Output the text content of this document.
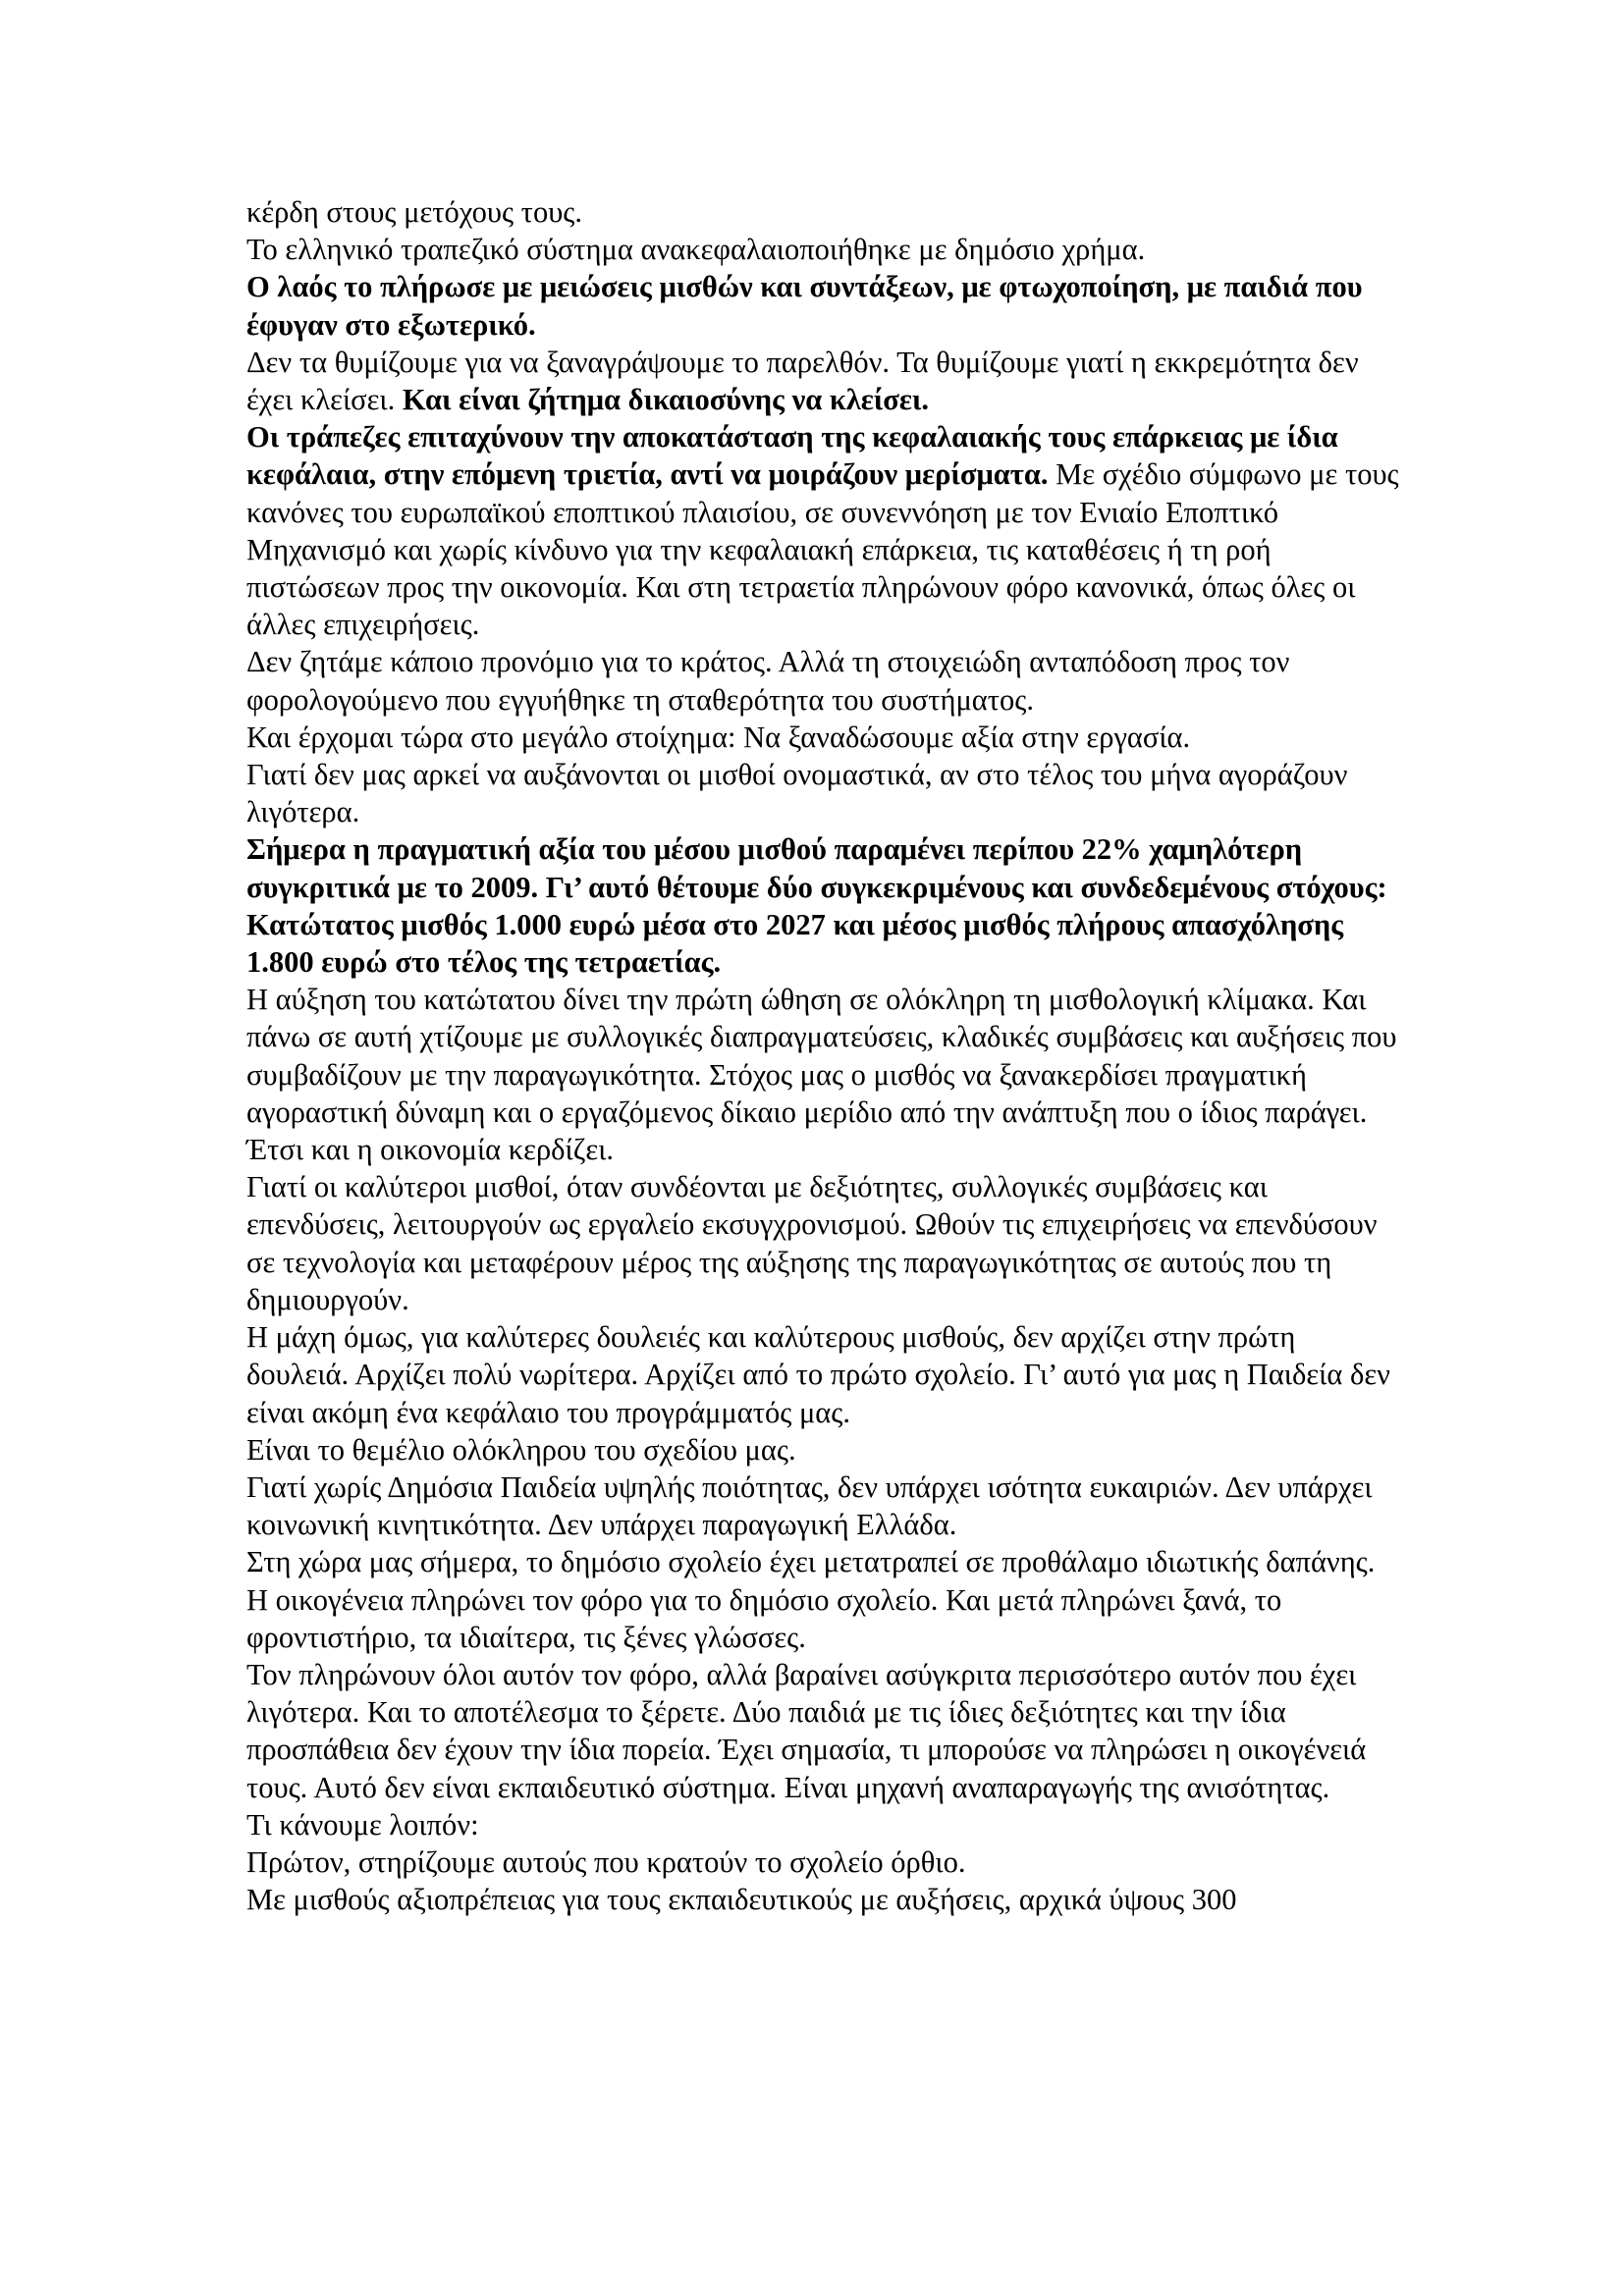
κέρδη στους μετόχους τους.

Το ελληνικό τραπεζικό σύστημα ανακεφαλαιοποιήθηκε με δημόσιο χρήμα.

Ο λαός το πλήρωσε με μειώσεις μισθών και συντάξεων, με φτωχοποίηση, με παιδιά που έφυγαν στο εξωτερικό.

Δεν τα θυμίζουμε για να ξαναγράψουμε το παρελθόν. Τα θυμίζουμε γιατί η εκκρεμότητα δεν έχει κλείσει. Και είναι ζήτημα δικαιοσύνης να κλείσει.

Οι τράπεζες επιταχύνουν την αποκατάσταση της κεφαλαιακής τους επάρκειας με ίδια κεφάλαια, στην επόμενη τριετία, αντί να μοιράζουν μερίσματα. Με σχέδιο σύμφωνο με τους κανόνες του ευρωπαϊκού εποπτικού πλαισίου, σε συνεννόηση με τον Ενιαίο Εποπτικό Μηχανισμό και χωρίς κίνδυνο για την κεφαλαιακή επάρκεια, τις καταθέσεις ή τη ροή πιστώσεων προς την οικονομία. Και στη τετραετία πληρώνουν φόρο κανονικά, όπως όλες οι άλλες επιχειρήσεις.

Δεν ζητάμε κάποιο προνόμιο για το κράτος. Αλλά τη στοιχειώδη ανταπόδοση προς τον φορολογούμενο που εγγυήθηκε τη σταθερότητα του συστήματος.

Και έρχομαι τώρα στο μεγάλο στοίχημα: Να ξαναδώσουμε αξία στην εργασία.

Γιατί δεν μας αρκεί να αυξάνονται οι μισθοί ονομαστικά, αν στο τέλος του μήνα αγοράζουν λιγότερα.

Σήμερα η πραγματική αξία του μέσου μισθού παραμένει περίπου 22% χαμηλότερη συγκριτικά με το 2009. Γι’ αυτό θέτουμε δύο συγκεκριμένους και συνδεδεμένους στόχους:

Κατώτατος μισθός 1.000 ευρώ μέσα στο 2027 και μέσος μισθός πλήρους απασχόλησης 1.800 ευρώ στο τέλος της τετραετίας.

Η αύξηση του κατώτατου δίνει την πρώτη ώθηση σε ολόκληρη τη μισθολογική κλίμακα. Και πάνω σε αυτή χτίζουμε με συλλογικές διαπραγματεύσεις, κλαδικές συμβάσεις και αυξήσεις που συμβαδίζουν με την παραγωγικότητα. Στόχος μας ο μισθός να ξανακερδίσει πραγματική αγοραστική δύναμη και ο εργαζόμενος δίκαιο μερίδιο από την ανάπτυξη που ο ίδιος παράγει.

Έτσι και η οικονομία κερδίζει.

Γιατί οι καλύτεροι μισθοί, όταν συνδέονται με δεξιότητες, συλλογικές συμβάσεις και επενδύσεις, λειτουργούν ως εργαλείο εκσυγχρονισμού. Ωθούν τις επιχειρήσεις να επενδύσουν σε τεχνολογία και μεταφέρουν μέρος της αύξησης της παραγωγικότητας σε αυτούς που τη δημιουργούν.

Η μάχη όμως, για καλύτερες δουλειές και καλύτερους μισθούς, δεν αρχίζει στην πρώτη δουλειά. Αρχίζει πολύ νωρίτερα. Αρχίζει από το πρώτο σχολείο. Γι’ αυτό για μας η Παιδεία δεν είναι ακόμη ένα κεφάλαιο του προγράμματός μας.

Είναι το θεμέλιο ολόκληρου του σχεδίου μας.

Γιατί χωρίς Δημόσια Παιδεία υψηλής ποιότητας, δεν υπάρχει ισότητα ευκαιριών. Δεν υπάρχει κοινωνική κινητικότητα. Δεν υπάρχει παραγωγική Ελλάδα.

Στη χώρα μας σήμερα, το δημόσιο σχολείο έχει μετατραπεί σε προθάλαμο ιδιωτικής δαπάνης.

Η οικογένεια πληρώνει τον φόρο για το δημόσιο σχολείο. Και μετά πληρώνει ξανά, το φροντιστήριο, τα ιδιαίτερα, τις ξένες γλώσσες.

Τον πληρώνουν όλοι αυτόν τον φόρο, αλλά βαραίνει ασύγκριτα περισσότερο αυτόν που έχει λιγότερα. Και το αποτέλεσμα το ξέρετε. Δύο παιδιά με τις ίδιες δεξιότητες και την ίδια προσπάθεια δεν έχουν την ίδια πορεία. Έχει σημασία, τι μπορούσε να πληρώσει η οικογένειά τους. Αυτό δεν είναι εκπαιδευτικό σύστημα. Είναι μηχανή αναπαραγωγής της ανισότητας.

Τι κάνουμε λοιπόν:

Πρώτον, στηρίζουμε αυτούς που κρατούν το σχολείο όρθιο.

Με μισθούς αξιοπρέπειας για τους εκπαιδευτικούς με αυξήσεις, αρχικά ύψους 300
